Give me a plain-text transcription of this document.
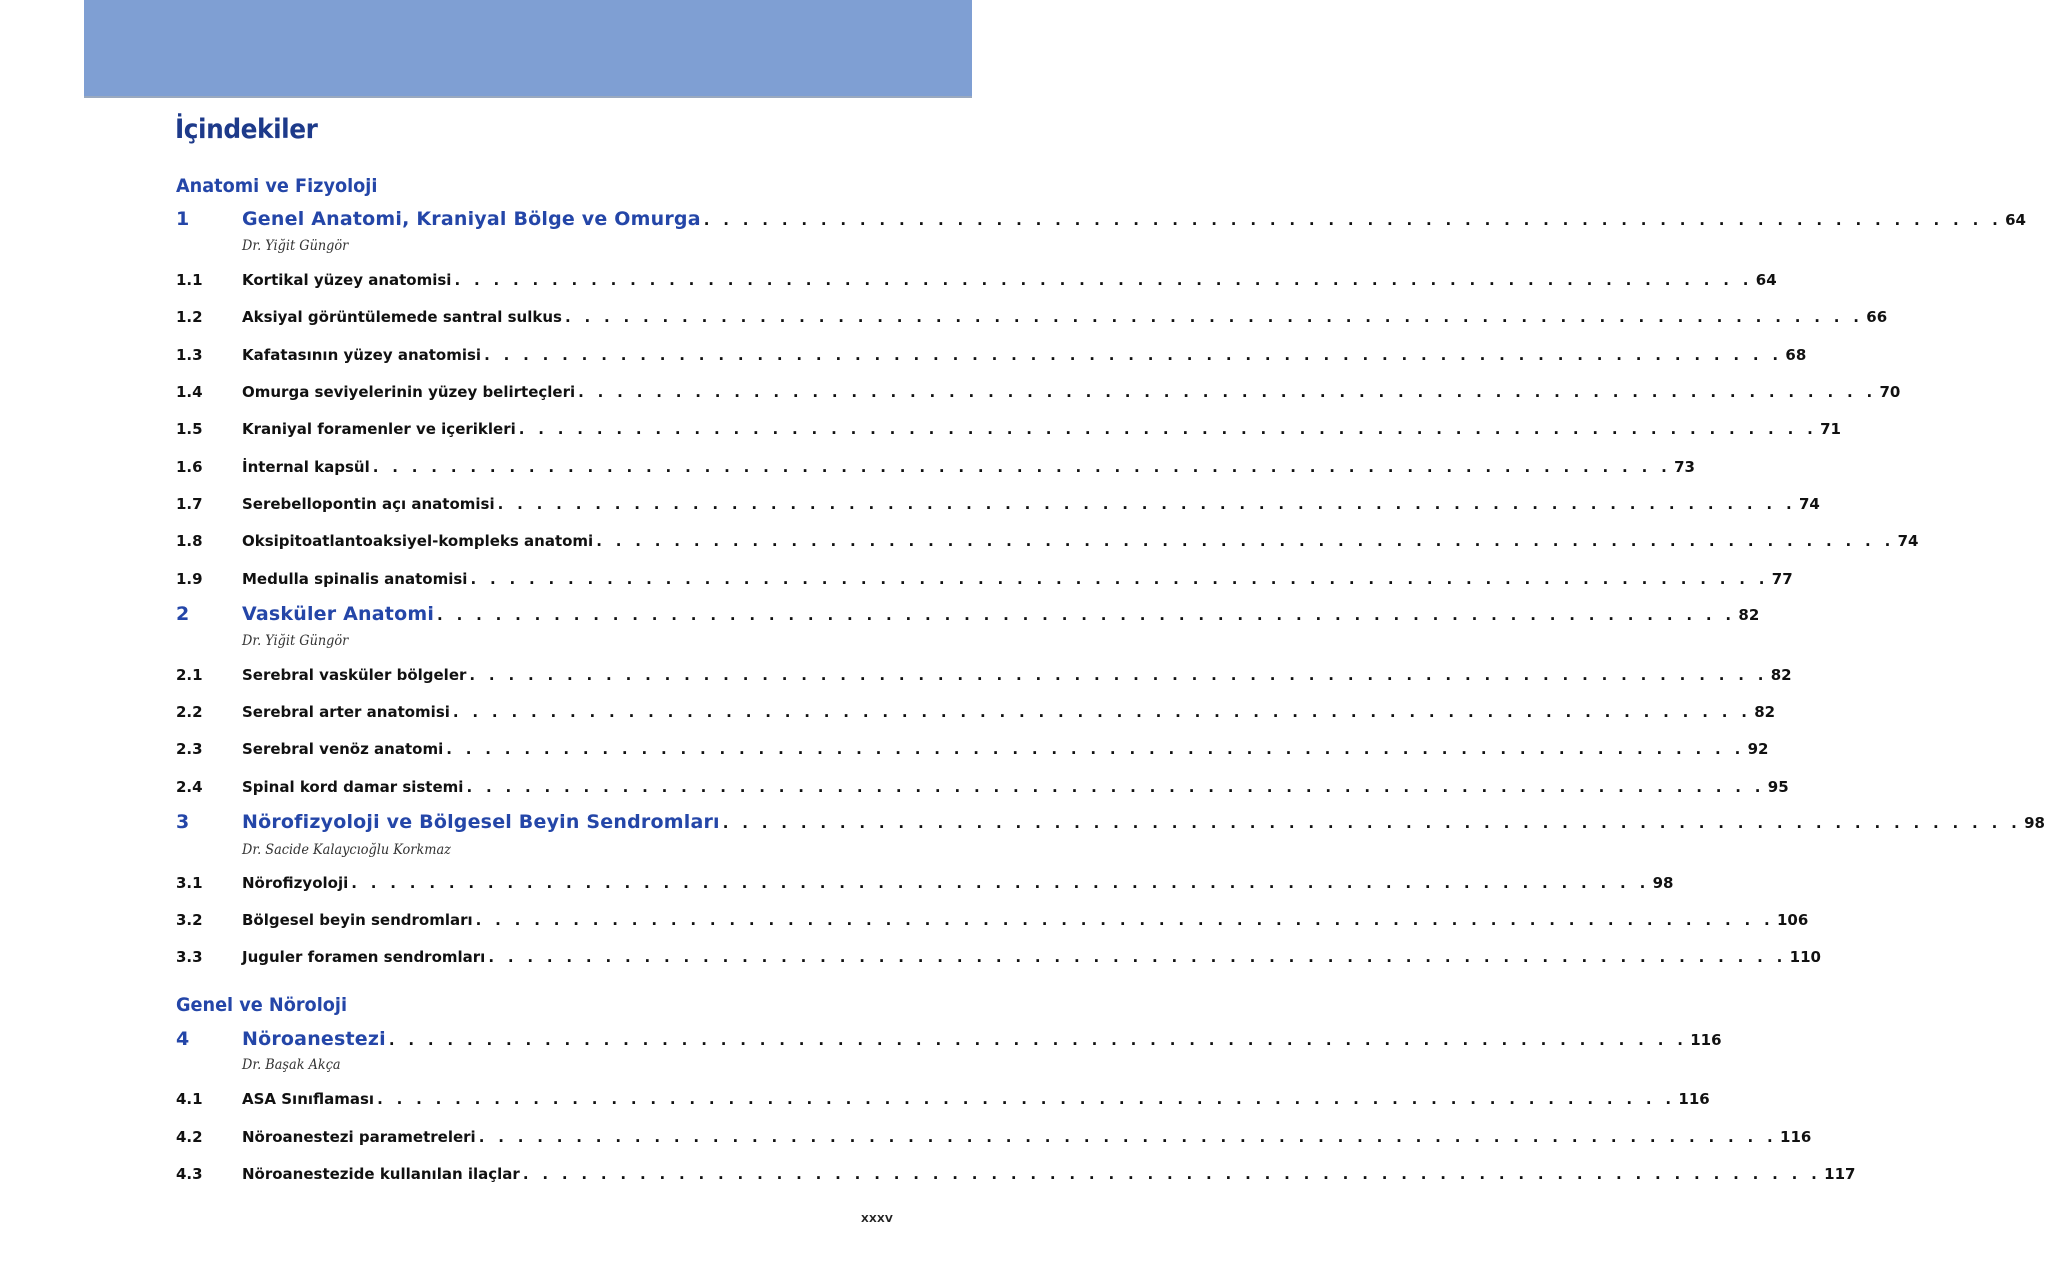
İçindekiler
Anatomi ve Fizyoloji
1	Genel Anatomi, Kraniyal Bölge ve Omurga . . . . . . . . . . . . . . . . . . . . . . . . . . . . . . . . . . . . . . . . . . . . . . . . . . . . . . . . . . . . . . . . . . . 64
Dr. Yiğit Güngör
1.1	Kortikal yüzey anatomisi . . . . . . . . . . . . . . . . . . . . . . . . . . . . . . . . . . . . . . . . . . . . . . . . . . . . . . . . . . . . . . . . . . . 64
1.2	Aksiyal görüntülemede santral sulkus . . . . . . . . . . . . . . . . . . . . . . . . . . . . . . . . . . . . . . . . . . . . . . . . . . . . . . . . . . . . . . . . . . . 66
1.3	Kafatasının yüzey anatomisi . . . . . . . . . . . . . . . . . . . . . . . . . . . . . . . . . . . . . . . . . . . . . . . . . . . . . . . . . . . . . . . . . . . 68
1.4	Omurga seviyelerinin yüzey belirteçleri . . . . . . . . . . . . . . . . . . . . . . . . . . . . . . . . . . . . . . . . . . . . . . . . . . . . . . . . . . . . . . . . . . . 70
1.5	Kraniyal foramenler ve içerikleri . . . . . . . . . . . . . . . . . . . . . . . . . . . . . . . . . . . . . . . . . . . . . . . . . . . . . . . . . . . . . . . . . . . 71
1.6	İnternal kapsül . . . . . . . . . . . . . . . . . . . . . . . . . . . . . . . . . . . . . . . . . . . . . . . . . . . . . . . . . . . . . . . . . . . 73
1.7	Serebellopontin açı anatomisi . . . . . . . . . . . . . . . . . . . . . . . . . . . . . . . . . . . . . . . . . . . . . . . . . . . . . . . . . . . . . . . . . . . 74
1.8	Oksipitoatlantoaksiyel-kompleks anatomi . . . . . . . . . . . . . . . . . . . . . . . . . . . . . . . . . . . . . . . . . . . . . . . . . . . . . . . . . . . . . . . . . . . 74
1.9	Medulla spinalis anatomisi . . . . . . . . . . . . . . . . . . . . . . . . . . . . . . . . . . . . . . . . . . . . . . . . . . . . . . . . . . . . . . . . . . . 77
2	Vasküler Anatomi . . . . . . . . . . . . . . . . . . . . . . . . . . . . . . . . . . . . . . . . . . . . . . . . . . . . . . . . . . . . . . . . . . . 82
Dr. Yiğit Güngör
2.1	Serebral vasküler bölgeler . . . . . . . . . . . . . . . . . . . . . . . . . . . . . . . . . . . . . . . . . . . . . . . . . . . . . . . . . . . . . . . . . . . 82
2.2	Serebral arter anatomisi . . . . . . . . . . . . . . . . . . . . . . . . . . . . . . . . . . . . . . . . . . . . . . . . . . . . . . . . . . . . . . . . . . . 82
2.3	Serebral venöz anatomi . . . . . . . . . . . . . . . . . . . . . . . . . . . . . . . . . . . . . . . . . . . . . . . . . . . . . . . . . . . . . . . . . . . 92
2.4	Spinal kord damar sistemi . . . . . . . . . . . . . . . . . . . . . . . . . . . . . . . . . . . . . . . . . . . . . . . . . . . . . . . . . . . . . . . . . . . 95
3	Nörofizyoloji ve Bölgesel Beyin Sendromları . . . . . . . . . . . . . . . . . . . . . . . . . . . . . . . . . . . . . . . . . . . . . . . . . . . . . . . . . . . . . . . . . . . 98
Dr. Sacide Kalaycıoğlu Korkmaz
3.1	Nörofizyoloji . . . . . . . . . . . . . . . . . . . . . . . . . . . . . . . . . . . . . . . . . . . . . . . . . . . . . . . . . . . . . . . . . . . 98
3.2	Bölgesel beyin sendromları . . . . . . . . . . . . . . . . . . . . . . . . . . . . . . . . . . . . . . . . . . . . . . . . . . . . . . . . . . . . . . . . . . . 106
3.3	Juguler foramen sendromları . . . . . . . . . . . . . . . . . . . . . . . . . . . . . . . . . . . . . . . . . . . . . . . . . . . . . . . . . . . . . . . . . . . 110
Genel ve Nöroloji
4	Nöroanestezi . . . . . . . . . . . . . . . . . . . . . . . . . . . . . . . . . . . . . . . . . . . . . . . . . . . . . . . . . . . . . . . . . . . 116
Dr. Başak Akça
4.1	ASA Sınıflaması . . . . . . . . . . . . . . . . . . . . . . . . . . . . . . . . . . . . . . . . . . . . . . . . . . . . . . . . . . . . . . . . . . . 116
4.2	Nöroanestezi parametreleri . . . . . . . . . . . . . . . . . . . . . . . . . . . . . . . . . . . . . . . . . . . . . . . . . . . . . . . . . . . . . . . . . . . 116
4.3	Nöroanestezide kullanılan ilaçlar . . . . . . . . . . . . . . . . . . . . . . . . . . . . . . . . . . . . . . . . . . . . . . . . . . . . . . . . . . . . . . . . . . . 117
XXXV
